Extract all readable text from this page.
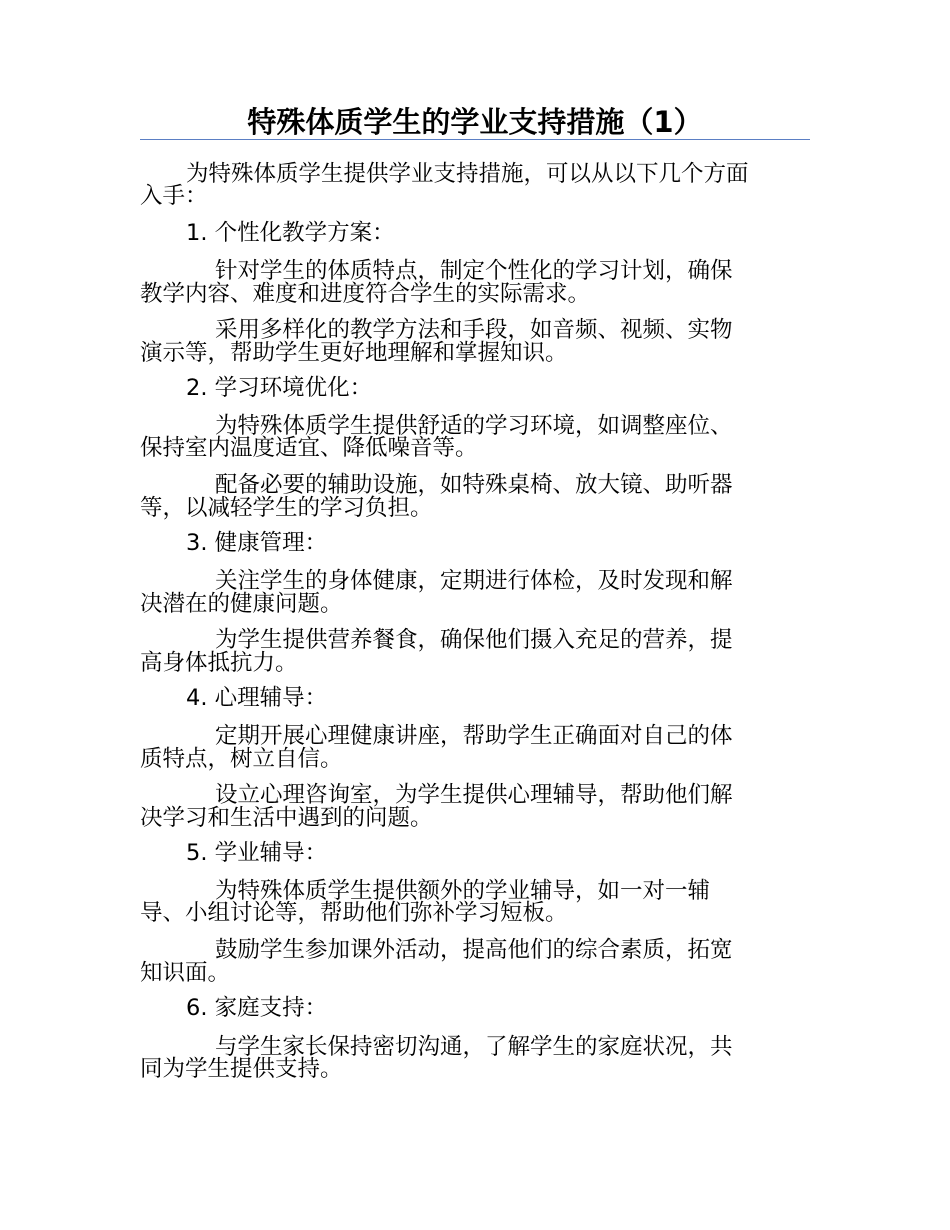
特殊体质学生的学业支持措施（1）
为特殊体质学生提供学业支持措施，可以从以下几个方面
入手：
1. 个性化教学方案：
针对学生的体质特点，制定个性化的学习计划，确保
教学内容、难度和进度符合学生的实际需求。
采用多样化的教学方法和手段，如音频、视频、实物
演示等，帮助学生更好地理解和掌握知识。
2. 学习环境优化：
为特殊体质学生提供舒适的学习环境，如调整座位、
保持室内温度适宜、降低噪音等。
配备必要的辅助设施，如特殊桌椅、放大镜、助听器
等，以减轻学生的学习负担。
3. 健康管理：
关注学生的身体健康，定期进行体检，及时发现和解
决潜在的健康问题。
为学生提供营养餐食，确保他们摄入充足的营养，提
高身体抵抗力。
4. 心理辅导：
定期开展心理健康讲座，帮助学生正确面对自己的体
质特点，树立自信。
设立心理咨询室，为学生提供心理辅导，帮助他们解
决学习和生活中遇到的问题。
5. 学业辅导：
为特殊体质学生提供额外的学业辅导，如一对一辅
导、小组讨论等，帮助他们弥补学习短板。
鼓励学生参加课外活动，提高他们的综合素质，拓宽
知识面。
6. 家庭支持：
与学生家长保持密切沟通，了解学生的家庭状况，共
同为学生提供支持。
